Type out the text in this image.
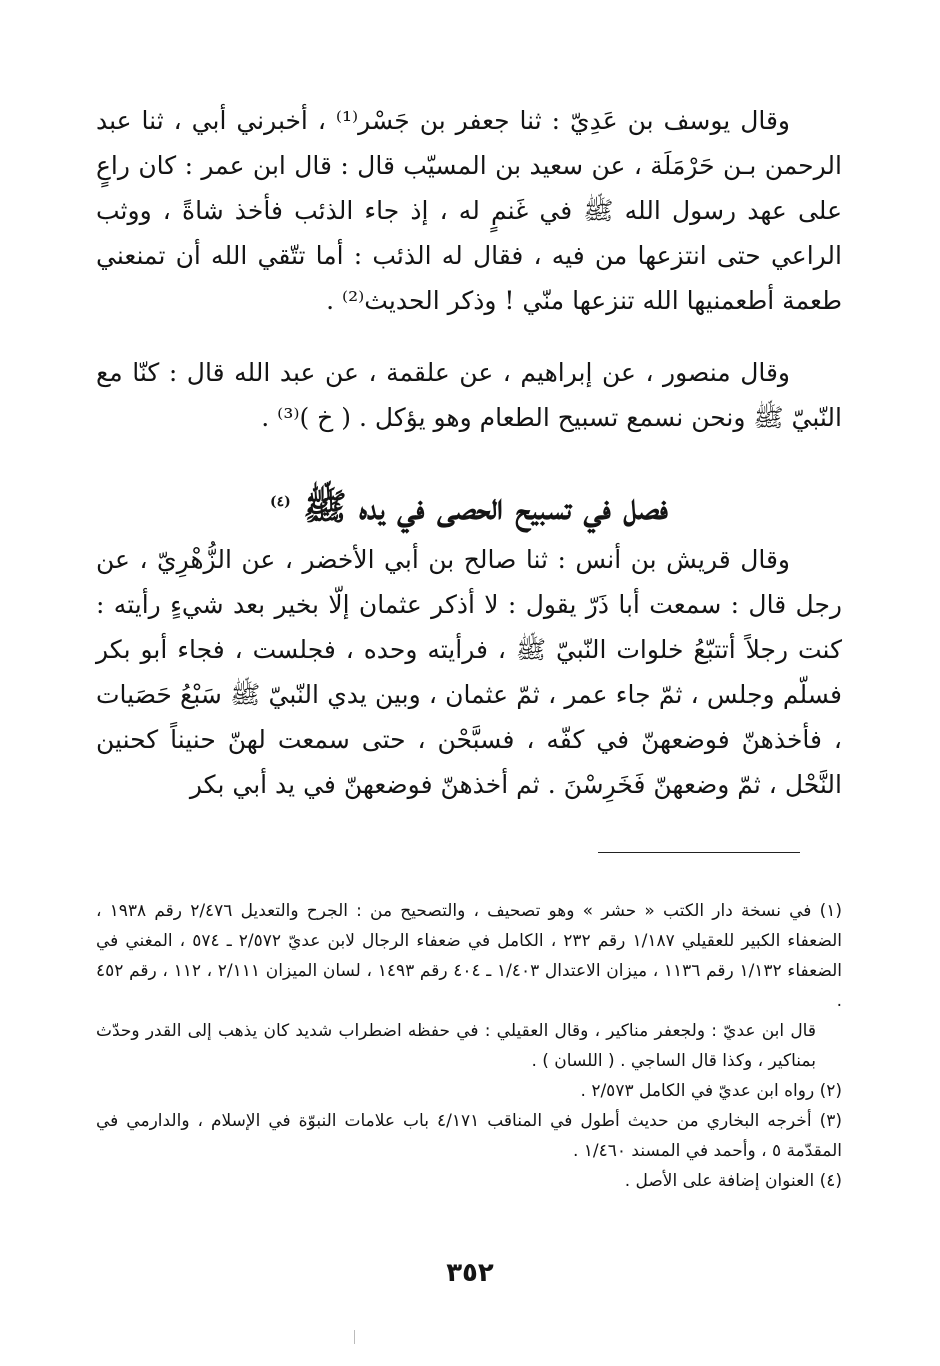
وقال يوسف بن عَدِيّ : ثنا جعفر بن جَسْر⁽¹⁾ ، أخبرني أبي ، ثنا عبد الرحمن بـن حَرْمَلَة ، عن سعيد بن المسيّب قال : قال ابن عمر : كان راعٍ على عهد رسول الله ﷺ في غَنمٍ له ، إذ جاء الذئب فأخذ شاةً ، ووثب الراعي حتى انتزعها من فيه ، فقال له الذئب : أما تتّقي الله أن تمنعني طعمة أطعمنيها الله تنزعها منّي ! وذكر الحديث⁽²⁾ .

وقال منصور ، عن إبراهيم ، عن علقمة ، عن عبد الله قال : كنّا مع النّبيّ ﷺ ونحن نسمع تسبيح الطعام وهو يؤكل . ( خ )⁽³⁾ .

فصل في تسبيح الحصى في يده ﷺ $^{(٤)}$

وقال قريش بن أنس : ثنا صالح بن أبي الأخضر ، عن الزُّهْرِيّ ، عن رجل قال : سمعت أبا ذَرّ يقول : لا أذكر عثمان إلّا بخير بعد شيءٍ رأيته : كنت رجلاً أتتبّعُ خلوات النّبيّ ﷺ ، فرأيته وحده ، فجلست ، فجاء أبو بكر فسلّم وجلس ، ثمّ جاء عمر ، ثمّ عثمان ، وبين يدي النّبيّ ﷺ سَبْعُ حَصَيات ، فأخذهنّ فوضعهنّ في كفّه ، فسبَّحْن ، حتى سمعت لهنّ حنيناً كحنين النَّحْل ، ثمّ وضعهنّ فَخَرِسْنَ . ثم أخذهنّ فوضعهنّ في يد أبي بكر

(١) في نسخة دار الكتب « حشر » وهو تصحيف ، والتصحيح من : الجرح والتعديل ٢/٤٧٦ رقم ١٩٣٨ ، الضعفاء الكبير للعقيلي ١/١٨٧ رقم ٢٣٢ ، الكامل في ضعفاء الرجال لابن عديّ ٢/٥٧٢ ـ ٥٧٤ ، المغني في الضعفاء ١/١٣٢ رقم ١١٣٦ ، ميزان الاعتدال ١/٤٠٣ ـ ٤٠٤ رقم ١٤٩٣ ، لسان الميزان ٢/١١١ ، ١١٢ ، رقم ٤٥٢ .

قال ابن عديّ : ولجعفر مناكير ، وقال العقيلي : في حفظه اضطراب شديد كان يذهب إلى القدر وحدّث بمناكير ، وكذا قال الساجي . ( اللسان ) .

(٢) رواه ابن عديّ في الكامل ٢/٥٧٣ .

(٣) أخرجه البخاري من حديث أطول في المناقب ٤/١٧١ باب علامات النبوّة في الإسلام ، والدارمي في المقدّمة ٥ ، وأحمد في المسند ١/٤٦٠ .

(٤) العنوان إضافة على الأصل .

٣٥٢
